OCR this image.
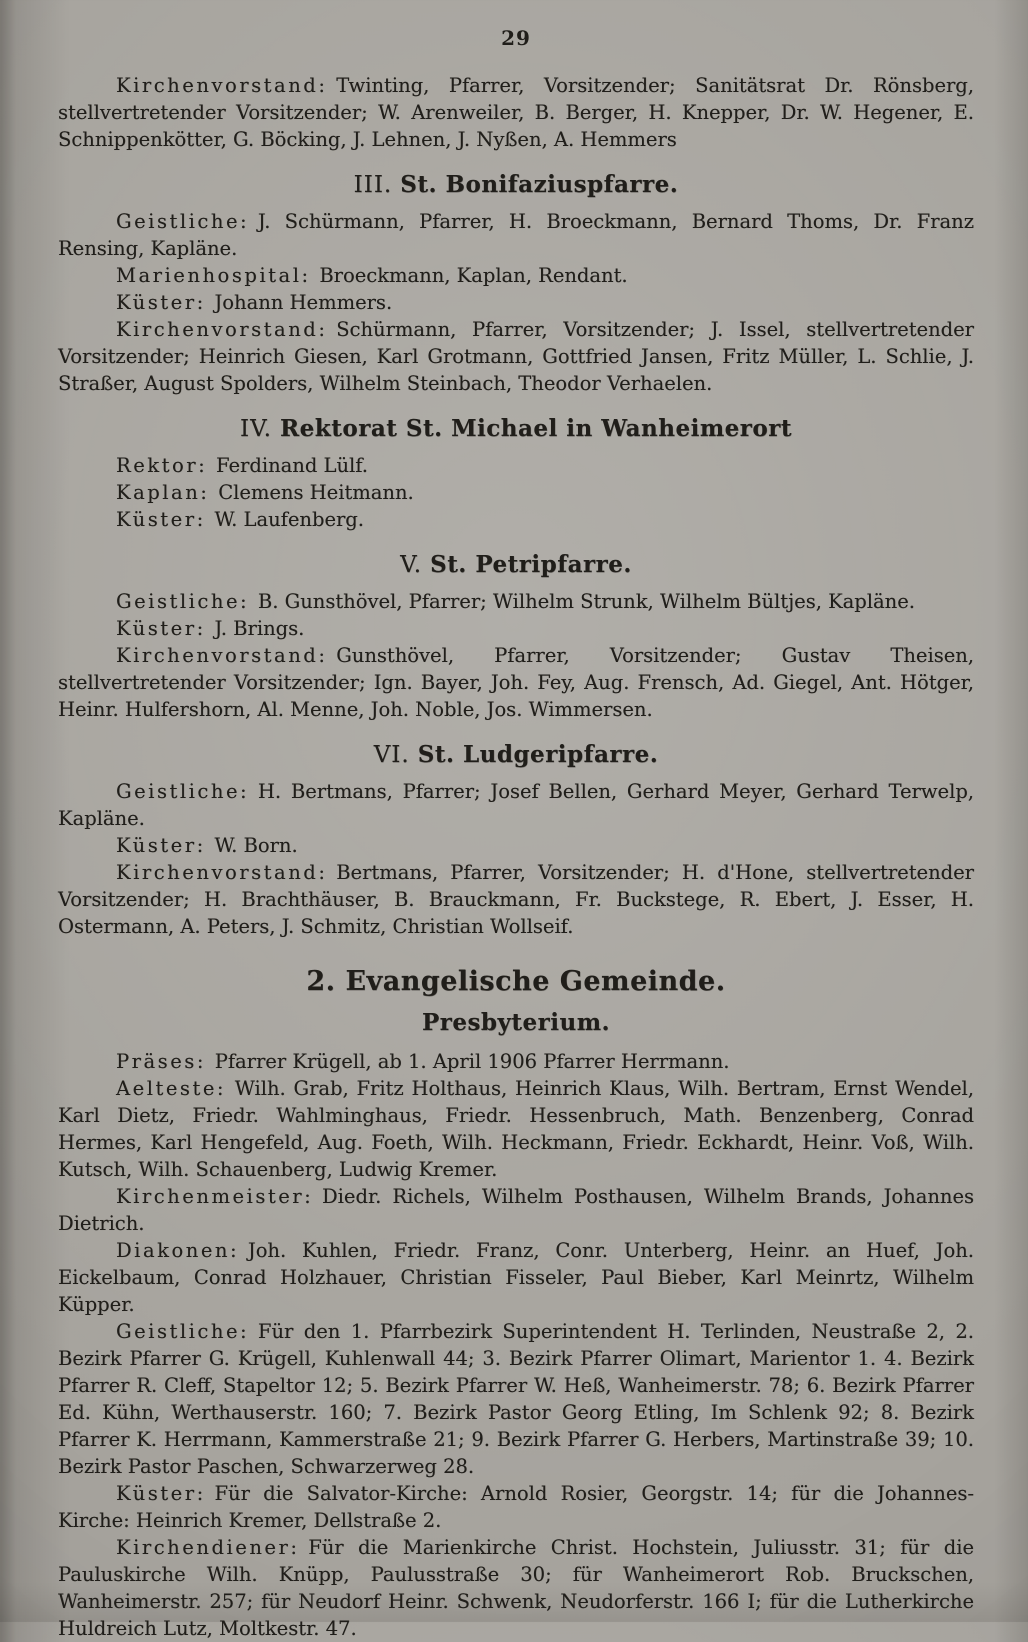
29

Kirchenvorstand: Twinting, Pfarrer, Vorsitzender; Sanitätsrat Dr. Rönsberg, stellvertretender Vorsitzender; W. Arenweiler, B. Berger, H. Knepper, Dr. W. Hegener, E. Schnippenkötter, G. Böcking, J. Lehnen, J. Nyßen, A. Hemmers

III. St. Bonifaziuspfarre.

Geistliche: J. Schürmann, Pfarrer, H. Broeckmann, Bernard Thoms, Dr. Franz Rensing, Kapläne.

Marienhospital: Broeckmann, Kaplan, Rendant.

Küster: Johann Hemmers.

Kirchenvorstand: Schürmann, Pfarrer, Vorsitzender; J. Issel, stellvertretender Vorsitzender; Heinrich Giesen, Karl Grotmann, Gottfried Jansen, Fritz Müller, L. Schlie, J. Straßer, August Spolders, Wilhelm Steinbach, Theodor Verhaelen.

IV. Rektorat St. Michael in Wanheimerort

Rektor: Ferdinand Lülf.

Kaplan: Clemens Heitmann.

Küster: W. Laufenberg.

V. St. Petripfarre.

Geistliche: B. Gunsthövel, Pfarrer; Wilhelm Strunk, Wilhelm Bültjes, Kapläne.

Küster: J. Brings.

Kirchenvorstand: Gunsthövel, Pfarrer, Vorsitzender; Gustav Theisen, stellvertretender Vorsitzender; Ign. Bayer, Joh. Fey, Aug. Frensch, Ad. Giegel, Ant. Hötger, Heinr. Hulfershorn, Al. Menne, Joh. Noble, Jos. Wimmersen.

VI. St. Ludgeripfarre.

Geistliche: H. Bertmans, Pfarrer; Josef Bellen, Gerhard Meyer, Gerhard Terwelp, Kapläne.

Küster: W. Born.

Kirchenvorstand: Bertmans, Pfarrer, Vorsitzender; H. d'Hone, stellvertretender Vorsitzender; H. Brachthäuser, B. Brauckmann, Fr. Buckstege, R. Ebert, J. Esser, H. Ostermann, A. Peters, J. Schmitz, Christian Wollseif.

2. Evangelische Gemeinde.
Presbyterium.

Präses: Pfarrer Krügell, ab 1. April 1906 Pfarrer Herrmann.

Aelteste: Wilh. Grab, Fritz Holthaus, Heinrich Klaus, Wilh. Bertram, Ernst Wendel, Karl Dietz, Friedr. Wahlminghaus, Friedr. Hessenbruch, Math. Benzenberg, Conrad Hermes, Karl Hengefeld, Aug. Foeth, Wilh. Heckmann, Friedr. Eckhardt, Heinr. Voß, Wilh. Kutsch, Wilh. Schauenberg, Ludwig Kremer.

Kirchenmeister: Diedr. Richels, Wilhelm Posthausen, Wilhelm Brands, Johannes Dietrich.

Diakonen: Joh. Kuhlen, Friedr. Franz, Conr. Unterberg, Heinr. an Huef, Joh. Eickelbaum, Conrad Holzhauer, Christian Fisseler, Paul Bieber, Karl Meinrtz, Wilhelm Küpper.

Geistliche: Für den 1. Pfarrbezirk Superintendent H. Terlinden, Neustraße 2, 2. Bezirk Pfarrer G. Krügell, Kuhlenwall 44; 3. Bezirk Pfarrer Olimart, Marientor 1. 4. Bezirk Pfarrer R. Cleff, Stapeltor 12; 5. Bezirk Pfarrer W. Heß, Wanheimerstr. 78; 6. Bezirk Pfarrer Ed. Kühn, Werthauserstr. 160; 7. Bezirk Pastor Georg Etling, Im Schlenk 92; 8. Bezirk Pfarrer K. Herrmann, Kammerstraße 21; 9. Bezirk Pfarrer G. Herbers, Martinstraße 39; 10. Bezirk Pastor Paschen, Schwarzerweg 28.

Küster: Für die Salvator-Kirche: Arnold Rosier, Georgstr. 14; für die Johannes-Kirche: Heinrich Kremer, Dellstraße 2.

Kirchendiener: Für die Marienkirche Christ. Hochstein, Juliusstr. 31; für die Pauluskirche Wilh. Knüpp, Paulusstraße 30; für Wanheimerort Rob. Bruckschen, Wanheimerstr. 257; für Neudorf Heinr. Schwenk, Neudorferstr. 166 I; für die Lutherkirche Huldreich Lutz, Moltkestr. 47.
